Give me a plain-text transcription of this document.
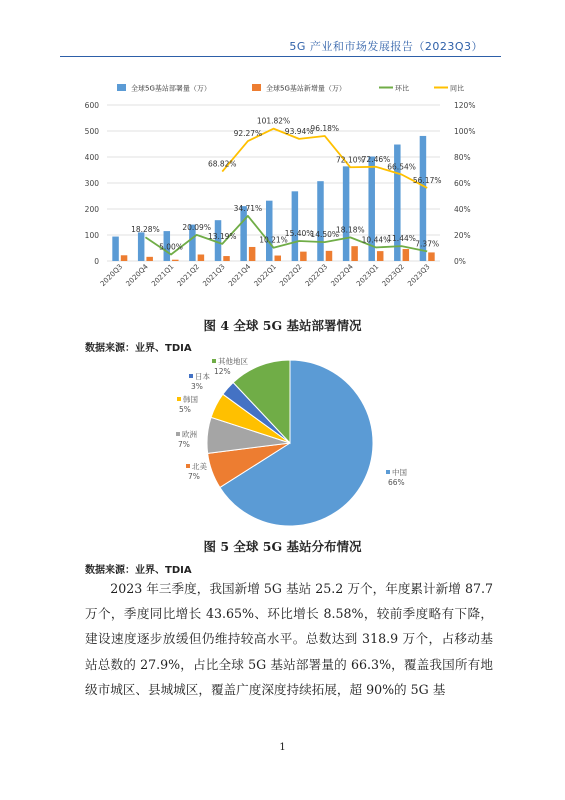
5G 产业和市场发展报告（2023Q3）
0
100
200
300
400
500
600
0%
20%
40%
60%
80%
100%
120%
18.28%
5.00%
20.09%
13.19%
34.71%
10.21%
15.40%
14.50%
18.18%
10.44%
11.44%
7.37%
68.82%
92.27%
101.82%
93.94%
96.18%
72.10%
72.46%
66.54%
56.17%
2020Q3 2020Q4 2021Q1 2021Q2 2021Q3 2021Q4 2022Q1 2022Q2 2022Q3 2022Q4 2023Q1 2023Q2 2023Q3
全球5G基站部署量（万）	全球5G基站新增量（万）	环比	同比
图 4 全球 5G 基站部署情况
数据来源：业界、TDIA
中国
66%
北美
7%
欧洲
7%
韩国
5%
日本
3%
其他地区
12%
图 5 全球 5G 基站分布情况
数据来源：业界、TDIA

2023 年三季度，我国新增 5G 基站 25.2 万个，年度累计新增 87.7 万个，季度同比增长 43.65%、环比增长 8.58%，较前季度略有下降，建设速度逐步放缓但仍维持较高水平。总数达到 318.9 万个，占移动基站总数的 27.9%，占比全球 5G 基站部署量的 66.3%，覆盖我国所有地级市城区、县城城区，覆盖广度深度持续拓展，超 90%的 5G 基

1
